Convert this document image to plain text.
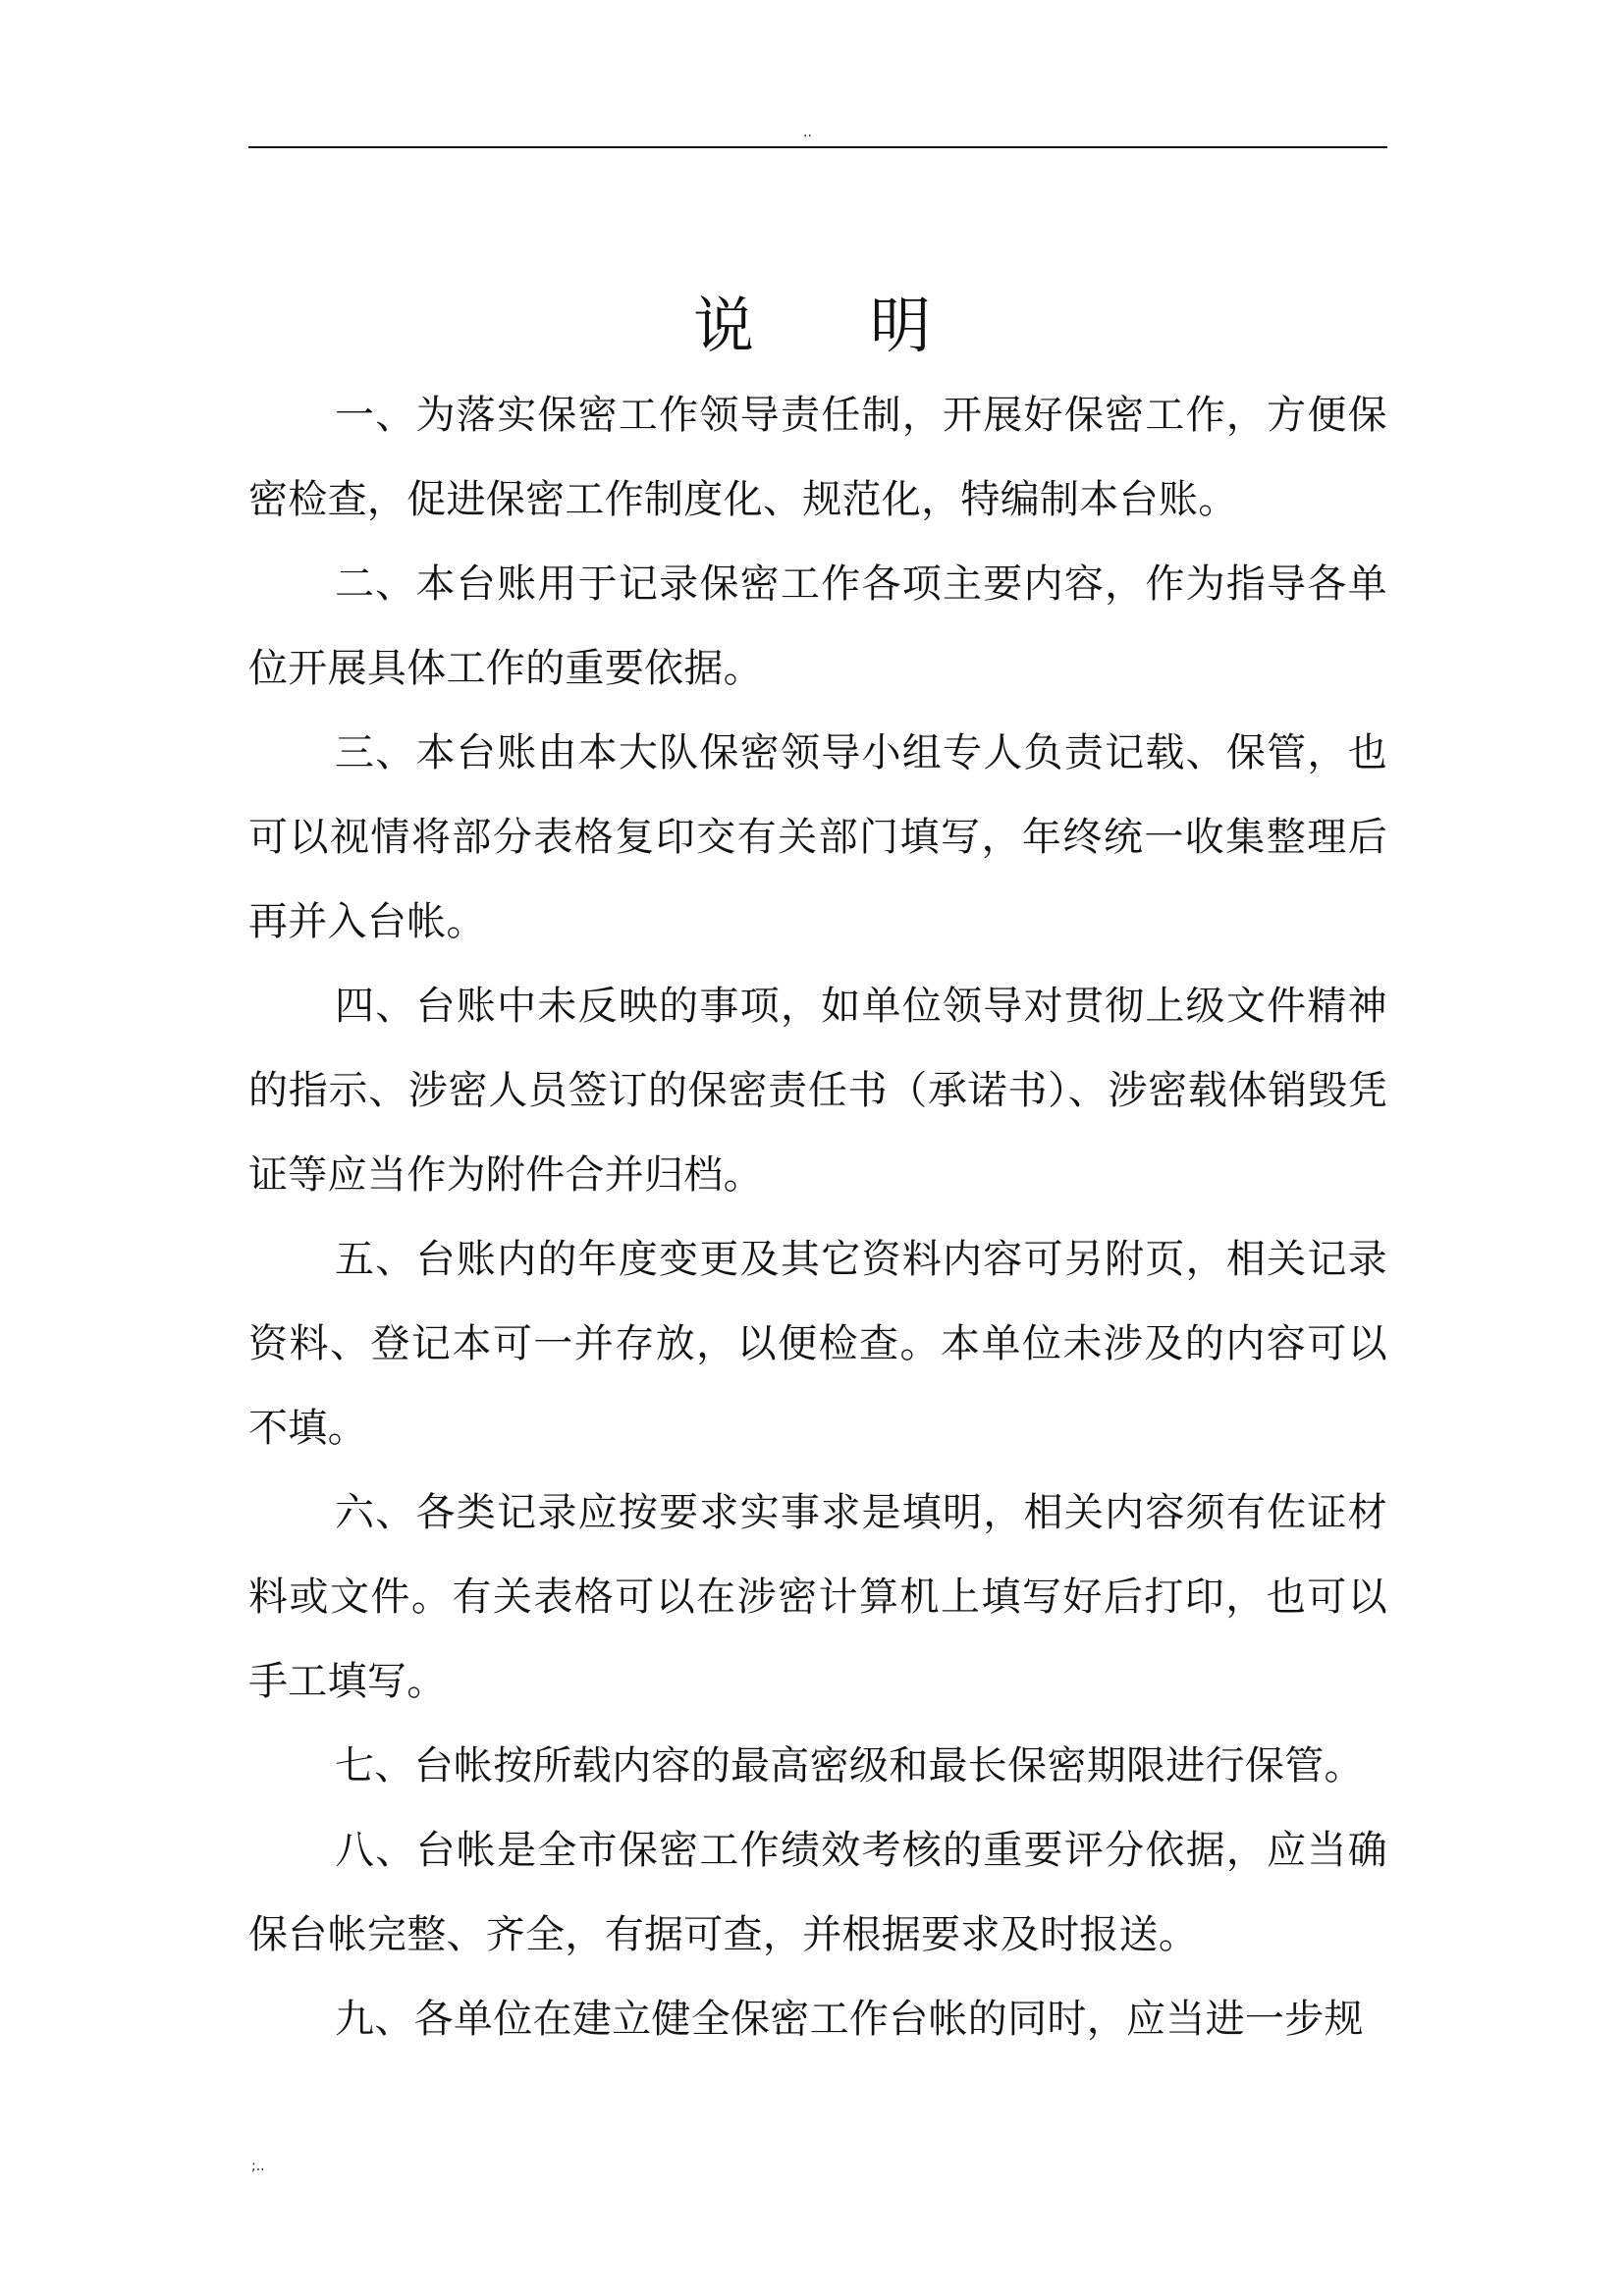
..
说 明

一、为落实保密工作领导责任制，开展好保密工作，方便保密检查，促进保密工作制度化、规范化，特编制本台账。

二、本台账用于记录保密工作各项主要内容，作为指导各单位开展具体工作的重要依据。

三、本台账由本大队保密领导小组专人负责记载、保管，也可以视情将部分表格复印交有关部门填写，年终统一收集整理后再并入台帐。

四、台账中未反映的事项，如单位领导对贯彻上级文件精神的指示、涉密人员签订的保密责任书（承诺书）、涉密载体销毁凭证等应当作为附件合并归档。

五、台账内的年度变更及其它资料内容可另附页，相关记录资料、登记本可一并存放，以便检查。本单位未涉及的内容可以不填。

六、各类记录应按要求实事求是填明，相关内容须有佐证材料或文件。有关表格可以在涉密计算机上填写好后打印，也可以手工填写。

七、台帐按所载内容的最高密级和最长保密期限进行保管。

八、台帐是全市保密工作绩效考核的重要评分依据，应当确保台帐完整、齐全，有据可查，并根据要求及时报送。

九、各单位在建立健全保密工作台帐的同时，应当进一步规

;..
